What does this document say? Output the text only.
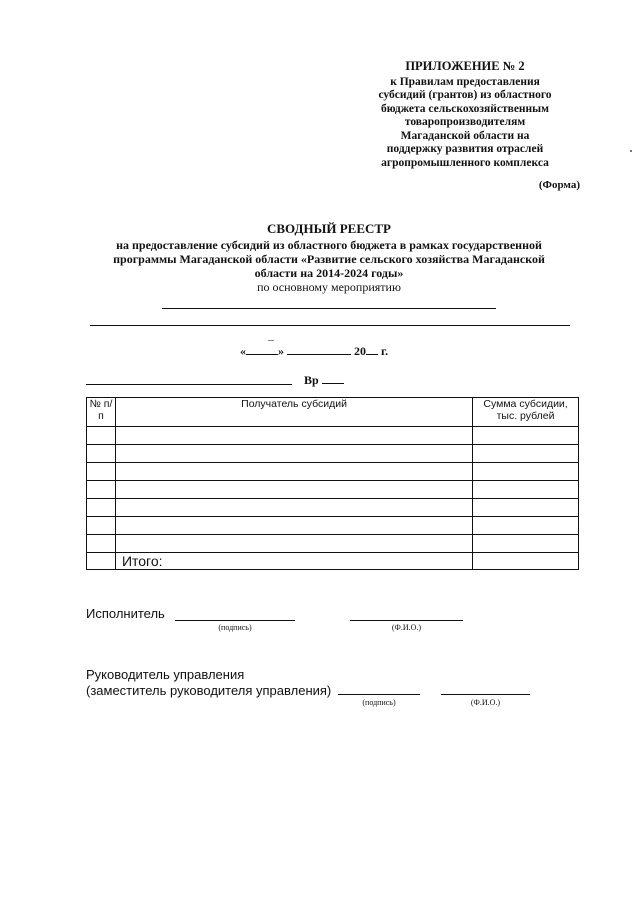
ПРИЛОЖЕНИЕ № 2
к Правилам предоставления
субсидий (грантов) из областного
бюджета сельскохозяйственным
товаропроизводителям
Магаданской области на
поддержку развития отраслей
агропромышленного комплекса
(Форма)
СВОДНЫЙ РЕЕСТР
на предоставление субсидий из областного бюджета в рамках государственной
программы Магаданской области «Развитие сельского хозяйства Магаданской
области на 2014-2024 годы»
по основному мероприятию
«	»	20 г.
Вр
№ п/п	Получатель субсидий	Сумма субсидии, тыс. рублей

	Итого:	
Исполнитель
(подпись)	(Ф.И.О.)
Руководитель управления
(заместитель руководителя управления)
(подпись)	(Ф.И.О.)
